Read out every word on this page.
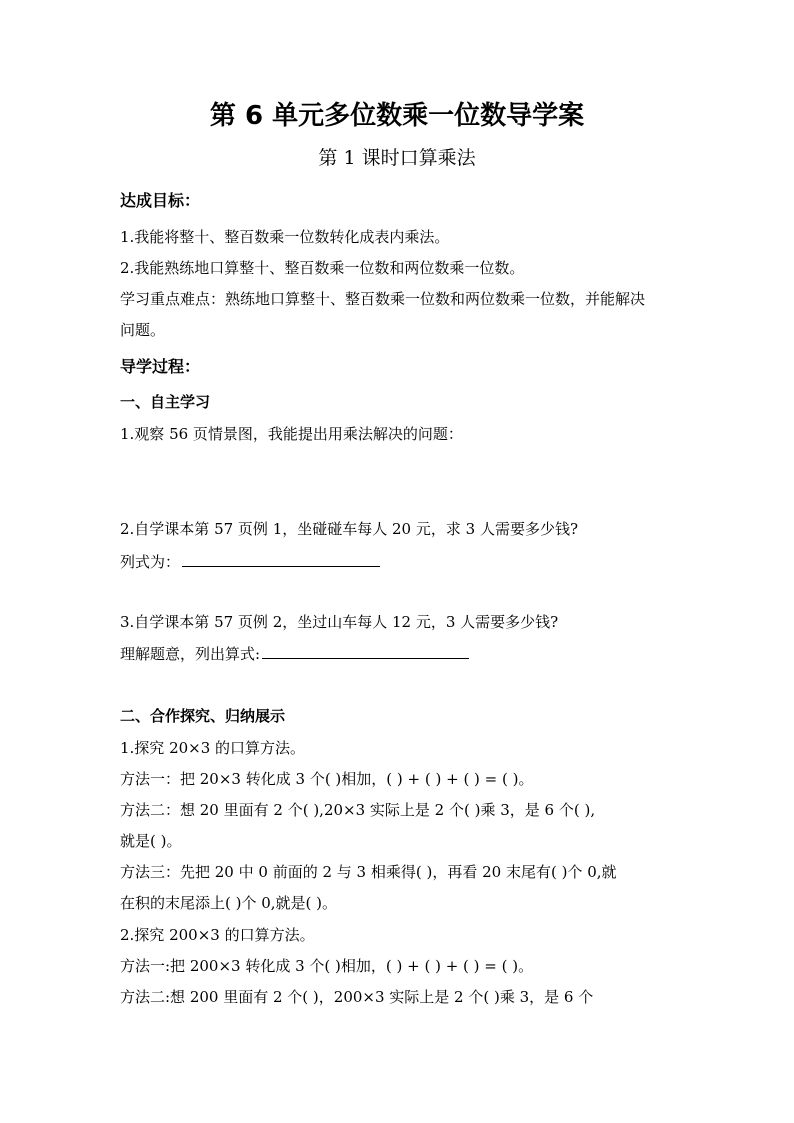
第 6 单元多位数乘一位数导学案
第 1 课时口算乘法
达成目标：
1.我能将整十、整百数乘一位数转化成表内乘法。
2.我能熟练地口算整十、整百数乘一位数和两位数乘一位数。
学习重点难点：熟练地口算整十、整百数乘一位数和两位数乘一位数，并能解决
问题。
导学过程：
一、自主学习
1.观察 56 页情景图，我能提出用乘法解决的问题：
2.自学课本第 57 页例 1，坐碰碰车每人 20 元，求 3 人需要多少钱?
列式为：
3.自学课本第 57 页例 2，坐过山车每人 12 元，3 人需要多少钱?
理解题意，列出算式:
二、合作探究、归纳展示
1.探究 20×3 的口算方法。
方法一：把 20×3 转化成 3 个( )相加，( ) + ( ) + ( ) = ( )。
方法二：想 20 里面有 2 个( ),20×3 实际上是 2 个( )乘 3，是 6 个( ),
就是( )。
方法三：先把 20 中 0 前面的 2 与 3 相乘得( )，再看 20 末尾有( )个 0,就
在积的末尾添上( )个 0,就是( )。
2.探究 200×3 的口算方法。
方法一:把 200×3 转化成 3 个( )相加，( ) + ( ) + ( ) = ( )。
方法二:想 200 里面有 2 个( )，200×3 实际上是 2 个( )乘 3，是 6 个
